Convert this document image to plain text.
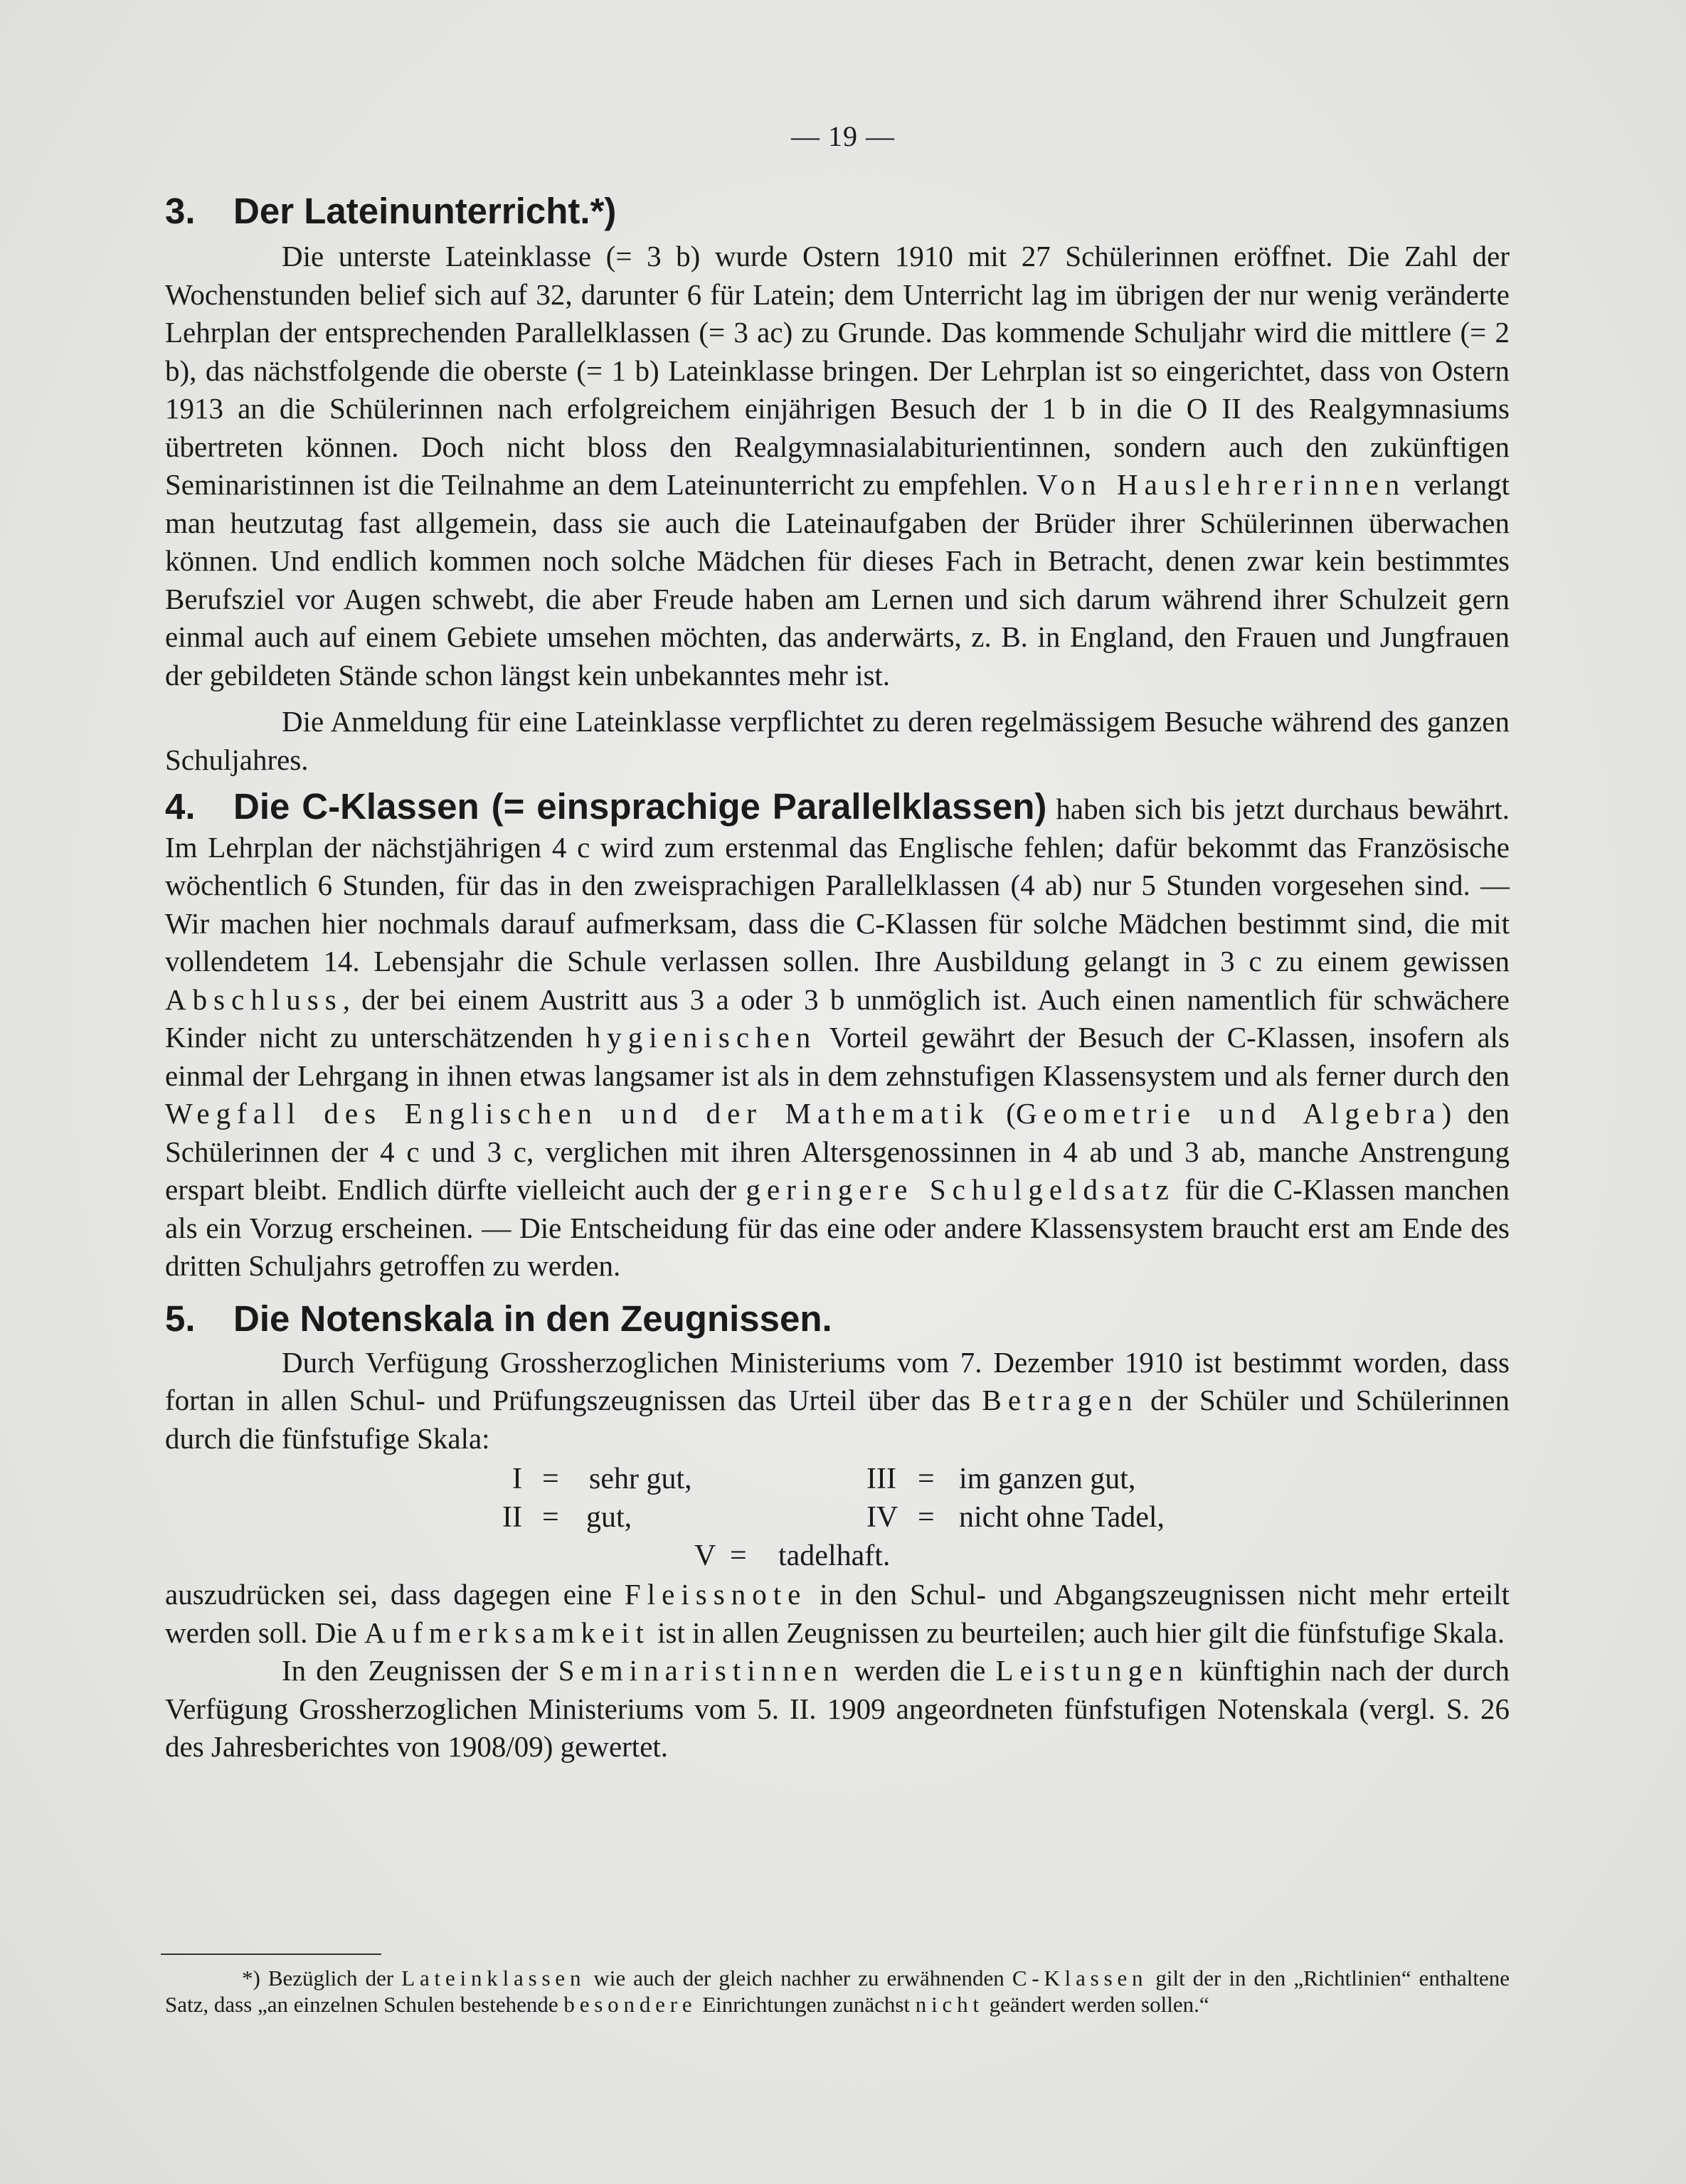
— 19 —
3. Der Lateinunterricht.*)

Die unterste Lateinklasse (= 3 b) wurde Ostern 1910 mit 27 Schülerinnen eröffnet. Die Zahl der Wochenstunden belief sich auf 32, darunter 6 für Latein; dem Unterricht lag im übrigen der nur wenig veränderte Lehrplan der entsprechenden Parallelklassen (= 3 ac) zu Grunde. Das kommende Schuljahr wird die mittlere (= 2 b), das nächstfolgende die oberste (= 1 b) Lateinklasse bringen. Der Lehrplan ist so eingerichtet, dass von Ostern 1913 an die Schülerinnen nach erfolgreichem einjährigen Besuch der 1 b in die O II des Realgymnasiums übertreten können. Doch nicht bloss den Realgymnasialabiturientinnen, sondern auch den zukünftigen Seminaristinnen ist die Teilnahme an dem Lateinunterricht zu empfehlen. Von Hauslehrerinnen verlangt man heutzutag fast allgemein, dass sie auch die Lateinaufgaben der Brüder ihrer Schülerinnen überwachen können. Und endlich kommen noch solche Mädchen für dieses Fach in Betracht, denen zwar kein bestimmtes Berufsziel vor Augen schwebt, die aber Freude haben am Lernen und sich darum während ihrer Schulzeit gern einmal auch auf einem Gebiete umsehen möchten, das anderwärts, z. B. in England, den Frauen und Jungfrauen der gebildeten Stände schon längst kein unbekanntes mehr ist.

Die Anmeldung für eine Lateinklasse verpflichtet zu deren regelmässigem Besuche während des ganzen Schuljahres.

4. Die C-Klassen (= einsprachige Parallelklassen) haben sich bis jetzt durchaus bewährt. Im Lehrplan der nächstjährigen 4 c wird zum erstenmal das Englische fehlen; dafür bekommt das Französische wöchentlich 6 Stunden, für das in den zweisprachigen Parallelklassen (4 ab) nur 5 Stunden vorgesehen sind. — Wir machen hier nochmals darauf aufmerksam, dass die C-Klassen für solche Mädchen bestimmt sind, die mit vollendetem 14. Lebensjahr die Schule verlassen sollen. Ihre Ausbildung gelangt in 3 c zu einem gewissen Abschluss, der bei einem Austritt aus 3 a oder 3 b unmöglich ist. Auch einen namentlich für schwächere Kinder nicht zu unterschätzenden hygienischen Vorteil gewährt der Besuch der C-Klassen, insofern als einmal der Lehrgang in ihnen etwas langsamer ist als in dem zehnstufigen Klassensystem und als ferner durch den Wegfall des Englischen und der Mathematik (Geometrie und Algebra) den Schülerinnen der 4 c und 3 c, verglichen mit ihren Altersgenossinnen in 4 ab und 3 ab, manche Anstrengung erspart bleibt. Endlich dürfte vielleicht auch der geringere Schulgeldsatz für die C-Klassen manchen als ein Vorzug erscheinen. — Die Entscheidung für das eine oder andere Klassensystem braucht erst am Ende des dritten Schuljahrs getroffen zu werden.

5. Die Notenskala in den Zeugnissen.

Durch Verfügung Grossherzoglichen Ministeriums vom 7. Dezember 1910 ist bestimmt worden, dass fortan in allen Schul- und Prüfungszeugnissen das Urteil über das Betragen der Schüler und Schülerinnen durch die fünfstufige Skala:

I = sehr gut,	III = im ganzen gut,
II = gut,	IV = nicht ohne Tadel,
V = tadelhaft.

auszudrücken sei, dass dagegen eine Fleissnote in den Schul- und Abgangszeugnissen nicht mehr erteilt werden soll. Die Aufmerksamkeit ist in allen Zeugnissen zu beurteilen; auch hier gilt die fünfstufige Skala.

In den Zeugnissen der Seminaristinnen werden die Leistungen künftighin nach der durch Verfügung Grossherzoglichen Ministeriums vom 5. II. 1909 angeordneten fünfstufigen Notenskala (vergl. S. 26 des Jahresberichtes von 1908/09) gewertet.

*) Bezüglich der Lateinklassen wie auch der gleich nachher zu erwähnenden C-Klassen gilt der in den „Richtlinien“ enthaltene Satz, dass „an einzelnen Schulen bestehende besondere Einrichtungen zunächst nicht geändert werden sollen.“
